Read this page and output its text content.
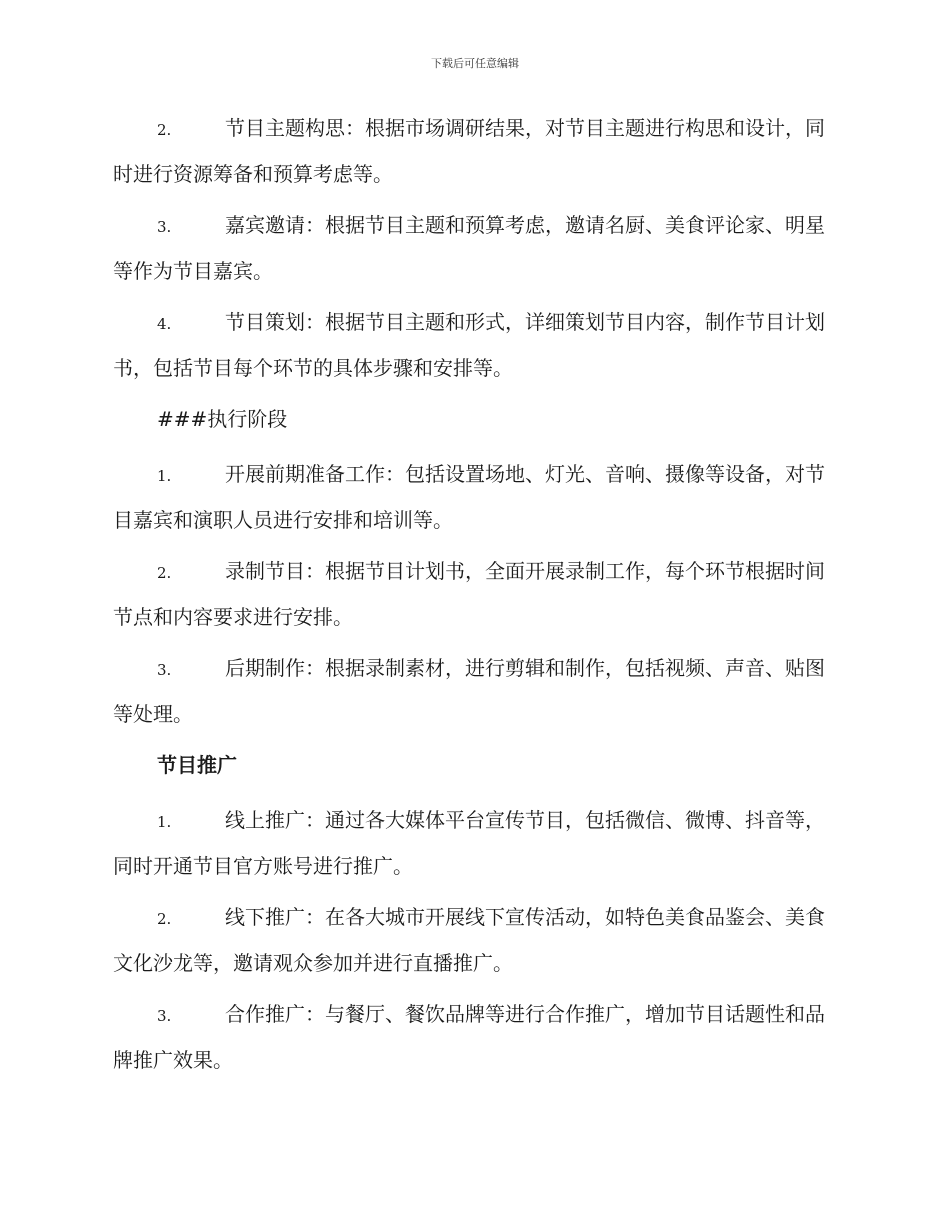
下载后可任意编辑

2.	节目主题构思：根据市场调研结果，对节目主题进行构思和设计，同时进行资源筹备和预算考虑等。

3.	嘉宾邀请：根据节目主题和预算考虑，邀请名厨、美食评论家、明星等作为节目嘉宾。

4.	节目策划：根据节目主题和形式，详细策划节目内容，制作节目计划书，包括节目每个环节的具体步骤和安排等。

###执行阶段

1.	开展前期准备工作：包括设置场地、灯光、音响、摄像等设备，对节目嘉宾和演职人员进行安排和培训等。

2.	录制节目：根据节目计划书，全面开展录制工作，每个环节根据时间节点和内容要求进行安排。

3.	后期制作：根据录制素材，进行剪辑和制作，包括视频、声音、贴图等处理。

节目推广

1.	线上推广：通过各大媒体平台宣传节目，包括微信、微博、抖音等，同时开通节目官方账号进行推广。

2.	线下推广：在各大城市开展线下宣传活动，如特色美食品鉴会、美食文化沙龙等，邀请观众参加并进行直播推广。

3.	合作推广：与餐厅、餐饮品牌等进行合作推广，增加节目话题性和品牌推广效果。
